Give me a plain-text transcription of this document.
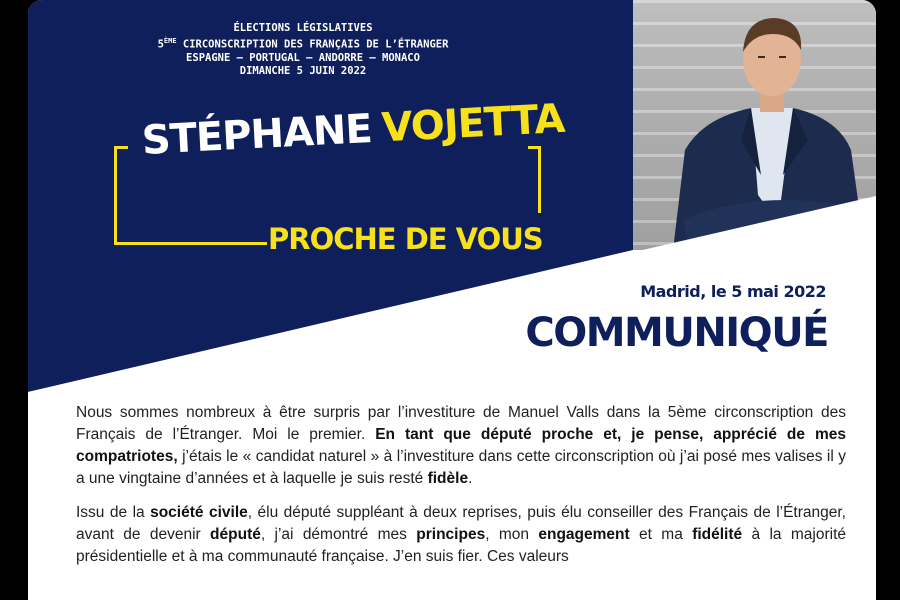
ÉLECTIONS LÉGISLATIVES
5ÈME CIRCONSCRIPTION DES FRANÇAIS DE L’ÉTRANGER
ESPAGNE – PORTUGAL – ANDORRE – MONACO
DIMANCHE 5 JUIN 2022
STÉPHANE VOJETTA
PROCHE DE VOUS
Madrid, le 5 mai 2022
COMMUNIQUÉ

Nous sommes nombreux à être surpris par l’investiture de Manuel Valls dans la 5ème circonscription des Français de l’Étranger. Moi le premier. En tant que député proche et, je pense, apprécié de mes compatriotes, j’étais le « candidat naturel » à l’investiture dans cette circonscription où j’ai posé mes valises il y a une vingtaine d’années et à laquelle je suis resté fidèle.

Issu de la société civile, élu député suppléant à deux reprises, puis élu conseiller des Français de l’Étranger, avant de devenir député, j’ai démontré mes principes, mon engagement et ma fidélité à la majorité présidentielle et à ma communauté française. J’en suis fier. Ces valeurs
